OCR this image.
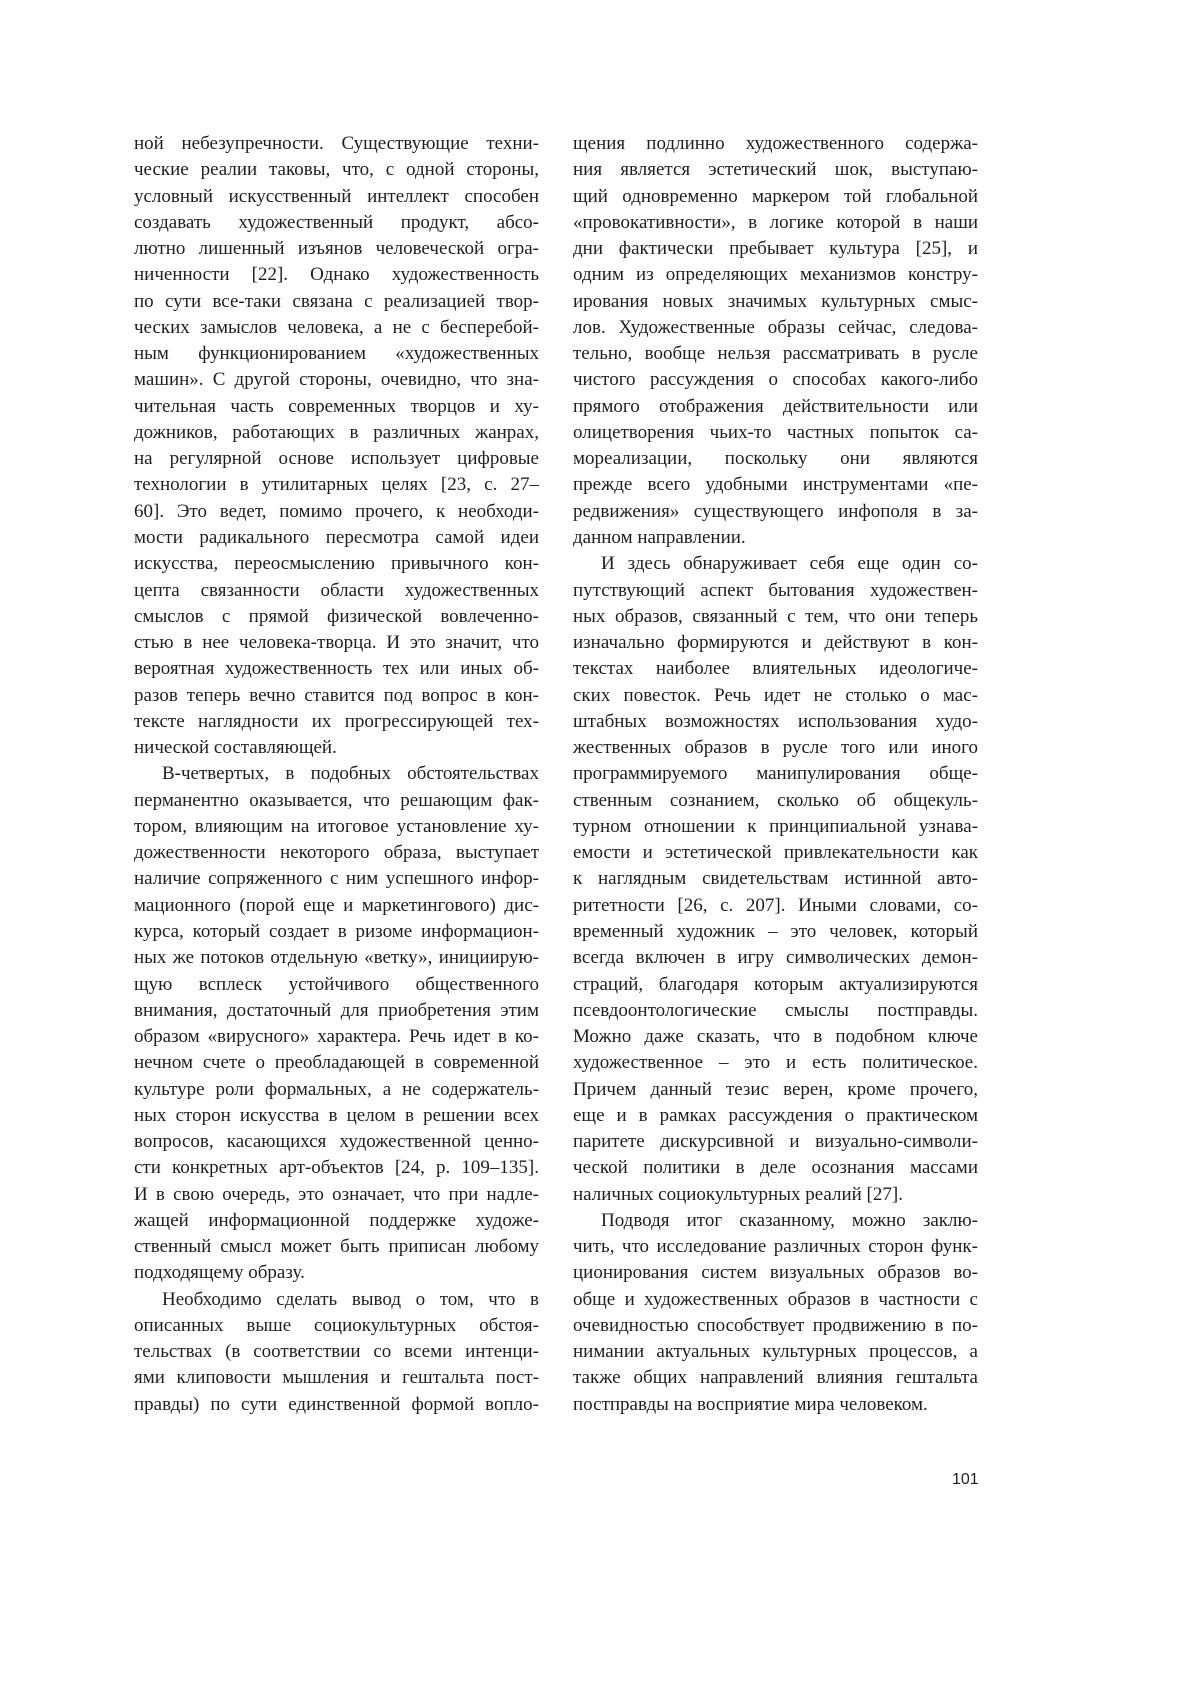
ной небезупречности. Существующие техни-
ческие реалии таковы, что, с одной стороны,
условный искусственный интеллект способен
создавать художественный продукт, абсо-
лютно лишенный изъянов человеческой огра-
ниченности [22]. Однако художественность
по сути все-таки связана с реализацией твор-
ческих замыслов человека, а не с бесперебой-
ным функционированием «художественных
машин». С другой стороны, очевидно, что зна-
чительная часть современных творцов и ху-
дожников, работающих в различных жанрах,
на регулярной основе использует цифровые
технологии в утилитарных целях [23, с. 27–
60]. Это ведет, помимо прочего, к необходи-
мости радикального пересмотра самой идеи
искусства, переосмыслению привычного кон-
цепта связанности области художественных
смыслов с прямой физической вовлеченно-
стью в нее человека-творца. И это значит, что
вероятная художественность тех или иных об-
разов теперь вечно ставится под вопрос в кон-
тексте наглядности их прогрессирующей тех-
нической составляющей.
В-четвертых, в подобных обстоятельствах
перманентно оказывается, что решающим фак-
тором, влияющим на итоговое установление ху-
дожественности некоторого образа, выступает
наличие сопряженного с ним успешного инфор-
мационного (порой еще и маркетингового) дис-
курса, который создает в ризоме информацион-
ных же потоков отдельную «ветку», инициирую-
щую всплеск устойчивого общественного
внимания, достаточный для приобретения этим
образом «вирусного» характера. Речь идет в ко-
нечном счете о преобладающей в современной
культуре роли формальных, а не содержатель-
ных сторон искусства в целом в решении всех
вопросов, касающихся художественной ценно-
сти конкретных арт-объектов [24, p. 109–135].
И в свою очередь, это означает, что при надле-
жащей информационной поддержке художе-
ственный смысл может быть приписан любому
подходящему образу.
Необходимо сделать вывод о том, что в
описанных выше социокультурных обстоя-
тельствах (в соответствии со всеми интенци-
ями клиповости мышления и гештальта пост-
правды) по сути единственной формой вопло-
щения подлинно художественного содержа-
ния является эстетический шок, выступаю-
щий одновременно маркером той глобальной
«провокативности», в логике которой в наши
дни фактически пребывает культура [25], и
одним из определяющих механизмов констру-
ирования новых значимых культурных смыс-
лов. Художественные образы сейчас, следова-
тельно, вообще нельзя рассматривать в русле
чистого рассуждения о способах какого-либо
прямого отображения действительности или
олицетворения чьих-то частных попыток са-
мореализации, поскольку они являются
прежде всего удобными инструментами «пе-
редвижения» существующего инфополя в за-
данном направлении.
И здесь обнаруживает себя еще один со-
путствующий аспект бытования художествен-
ных образов, связанный с тем, что они теперь
изначально формируются и действуют в кон-
текстах наиболее влиятельных идеологиче-
ских повесток. Речь идет не столько о мас-
штабных возможностях использования худо-
жественных образов в русле того или иного
программируемого манипулирования обще-
ственным сознанием, сколько об общекуль-
турном отношении к принципиальной узнава-
емости и эстетической привлекательности как
к наглядным свидетельствам истинной авто-
ритетности [26, с. 207]. Иными словами, со-
временный художник – это человек, который
всегда включен в игру символических демон-
страций, благодаря которым актуализируются
псевдоонтологические смыслы постправды.
Можно даже сказать, что в подобном ключе
художественное – это и есть политическое.
Причем данный тезис верен, кроме прочего,
еще и в рамках рассуждения о практическом
паритете дискурсивной и визуально-символи-
ческой политики в деле осознания массами
наличных социокультурных реалий [27].
Подводя итог сказанному, можно заклю-
чить, что исследование различных сторон функ-
ционирования систем визуальных образов во-
обще и художественных образов в частности с
очевидностью способствует продвижению в по-
нимании актуальных культурных процессов, а
также общих направлений влияния гештальта
постправды на восприятие мира человеком.
101
